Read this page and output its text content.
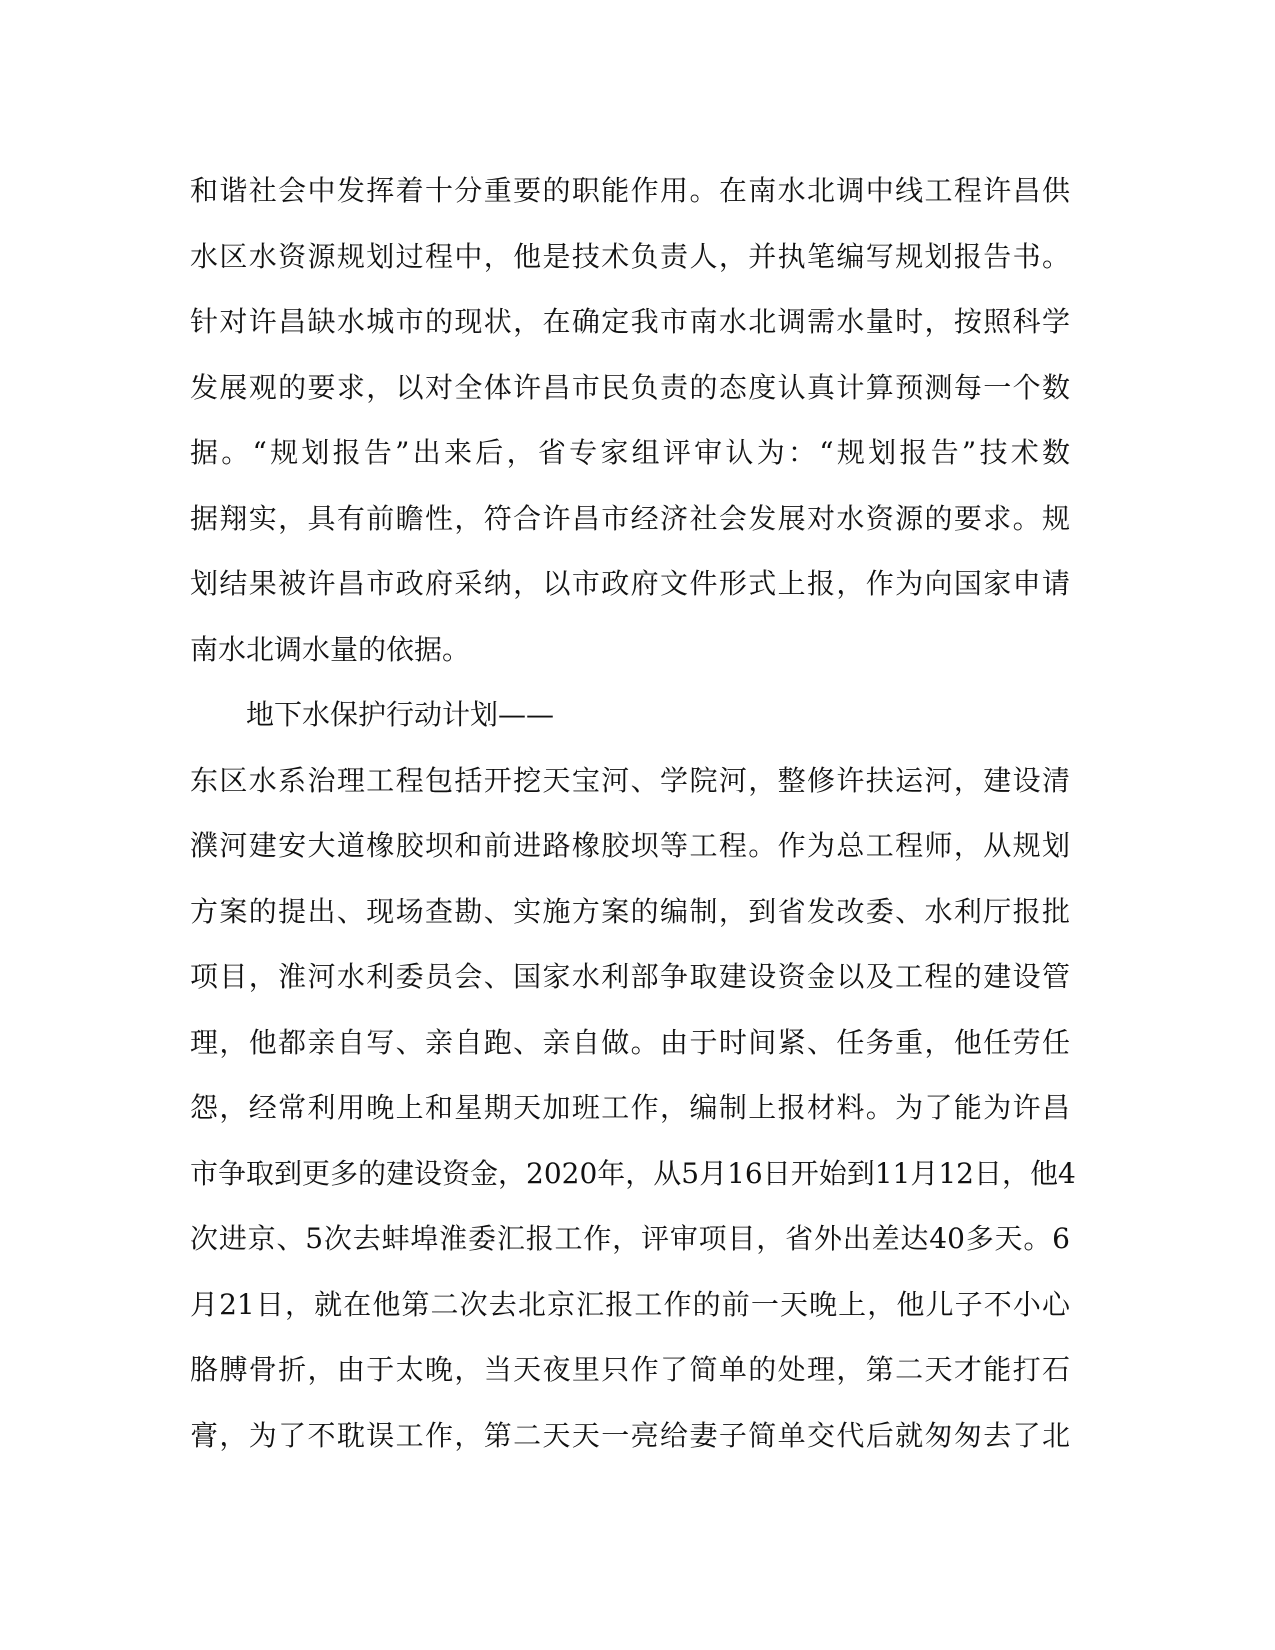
和谐社会中发挥着十分重要的职能作用。在南水北调中线工程许昌供
水区水资源规划过程中，他是技术负责人，并执笔编写规划报告书。
针对许昌缺水城市的现状，在确定我市南水北调需水量时，按照科学
发展观的要求，以对全体许昌市民负责的态度认真计算预测每一个数
据。“规划报告”出来后，省专家组评审认为：“规划报告”技术数
据翔实，具有前瞻性，符合许昌市经济社会发展对水资源的要求。规
划结果被许昌市政府采纳，以市政府文件形式上报，作为向国家申请
南水北调水量的依据。
地下水保护行动计划——
东区水系治理工程包括开挖天宝河、学院河，整修许扶运河，建设清
濮河建安大道橡胶坝和前进路橡胶坝等工程。作为总工程师，从规划
方案的提出、现场查勘、实施方案的编制，到省发改委、水利厅报批
项目，淮河水利委员会、国家水利部争取建设资金以及工程的建设管
理，他都亲自写、亲自跑、亲自做。由于时间紧、任务重，他任劳任
怨，经常利用晚上和星期天加班工作，编制上报材料。为了能为许昌
市争取到更多的建设资金，2020年，从5月16日开始到11月12日，他4
次进京、5次去蚌埠淮委汇报工作，评审项目，省外出差达40多天。6
月21日，就在他第二次去北京汇报工作的前一天晚上，他儿子不小心
胳膊骨折，由于太晚，当天夜里只作了简单的处理，第二天才能打石
膏，为了不耽误工作，第二天天一亮给妻子简单交代后就匆匆去了北
